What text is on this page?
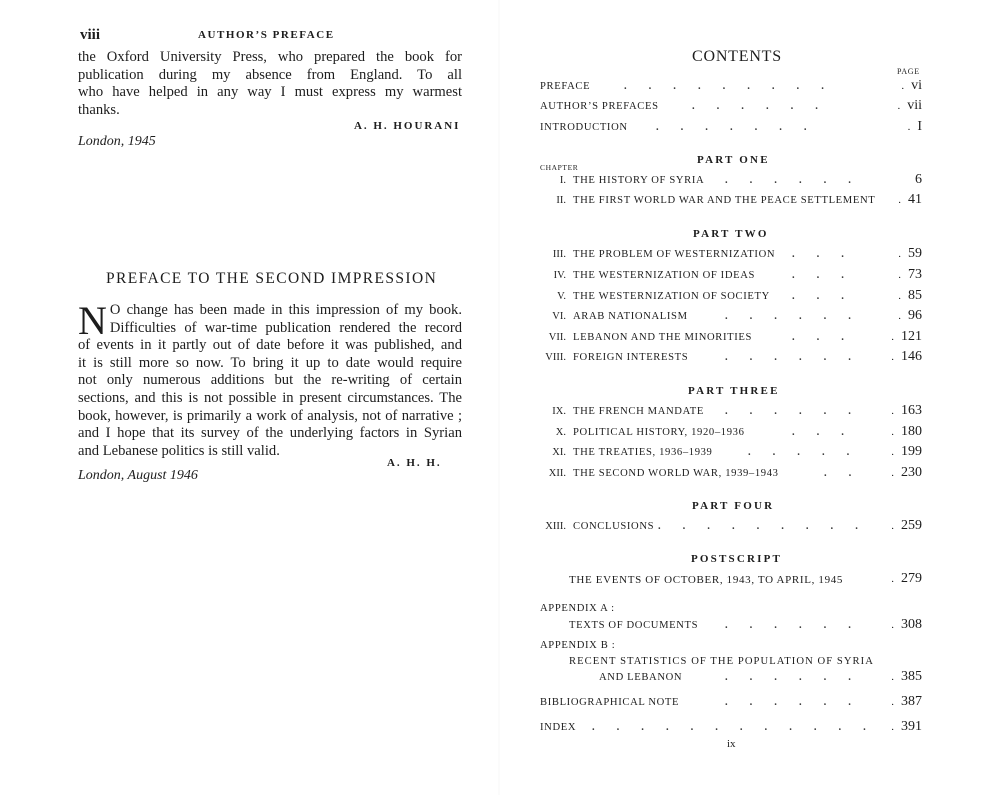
viii	AUTHOR’S PREFACE
the Oxford University Press, who prepared the book for
publication during my absence from England. To all
who have helped in any way I must express my warmest
thanks.
A. H. HOURANI
London, 1945
PREFACE TO THE SECOND IMPRESSION
N O change has been made in this impression of my book.
Difficulties of war-time publication rendered the record
of events in it partly out of date before it was published, and
it is still more so now. To bring it up to date would require
not only numerous additions but the re-writing of certain
sections, and this is not possible in present circumstances. The
book, however, is primarily a work of analysis, not of narrative ;
and I hope that its survey of the underlying factors in Syrian
and Lebanese politics is still valid.
A. H. H.
London, August 1946
CONTENTS
PAGE
CHAPTER
PREFACE	.........	. vi
AUTHOR’S PREFACES	......	. vii
INTRODUCTION	.......	. I
PART ONE
I. THE HISTORY OF SYRIA ......	6
II. THE FIRST WORLD WAR AND THE PEACE SETTLEMENT . 41
PART TWO
III. THE PROBLEM OF WESTERNIZATION ...	. 59
IV. THE WESTERNIZATION OF IDEAS	...	. 73
V. THE WESTERNIZATION OF SOCIETY ...	. 85
VI. ARAB NATIONALISM	...... . 96
VII. LEBANON AND THE MINORITIES	... . 121
VIII. FOREIGN INTERESTS	...... . 146
PART THREE
IX. THE FRENCH MANDATE ...... . 163
X. POLITICAL HISTORY, 1920–1936	... . 180
XI. THE TREATIES, 1936–1939	..... . 199
XII. THE SECOND WORLD WAR, 1939–1943	.. . 230
PART FOUR
XIII. CONCLUSIONS ......... . 259
POSTSCRIPT
THE EVENTS OF OCTOBER, 1943, TO APRIL, 1945	. 279
APPENDIX A :
TEXTS OF DOCUMENTS	...... . 308
APPENDIX B :
RECENT STATISTICS OF THE POPULATION OF SYRIA
AND LEBANON	...... . 385
BIBLIOGRAPHICAL NOTE	...... . 387
INDEX ............ . 391
ix
